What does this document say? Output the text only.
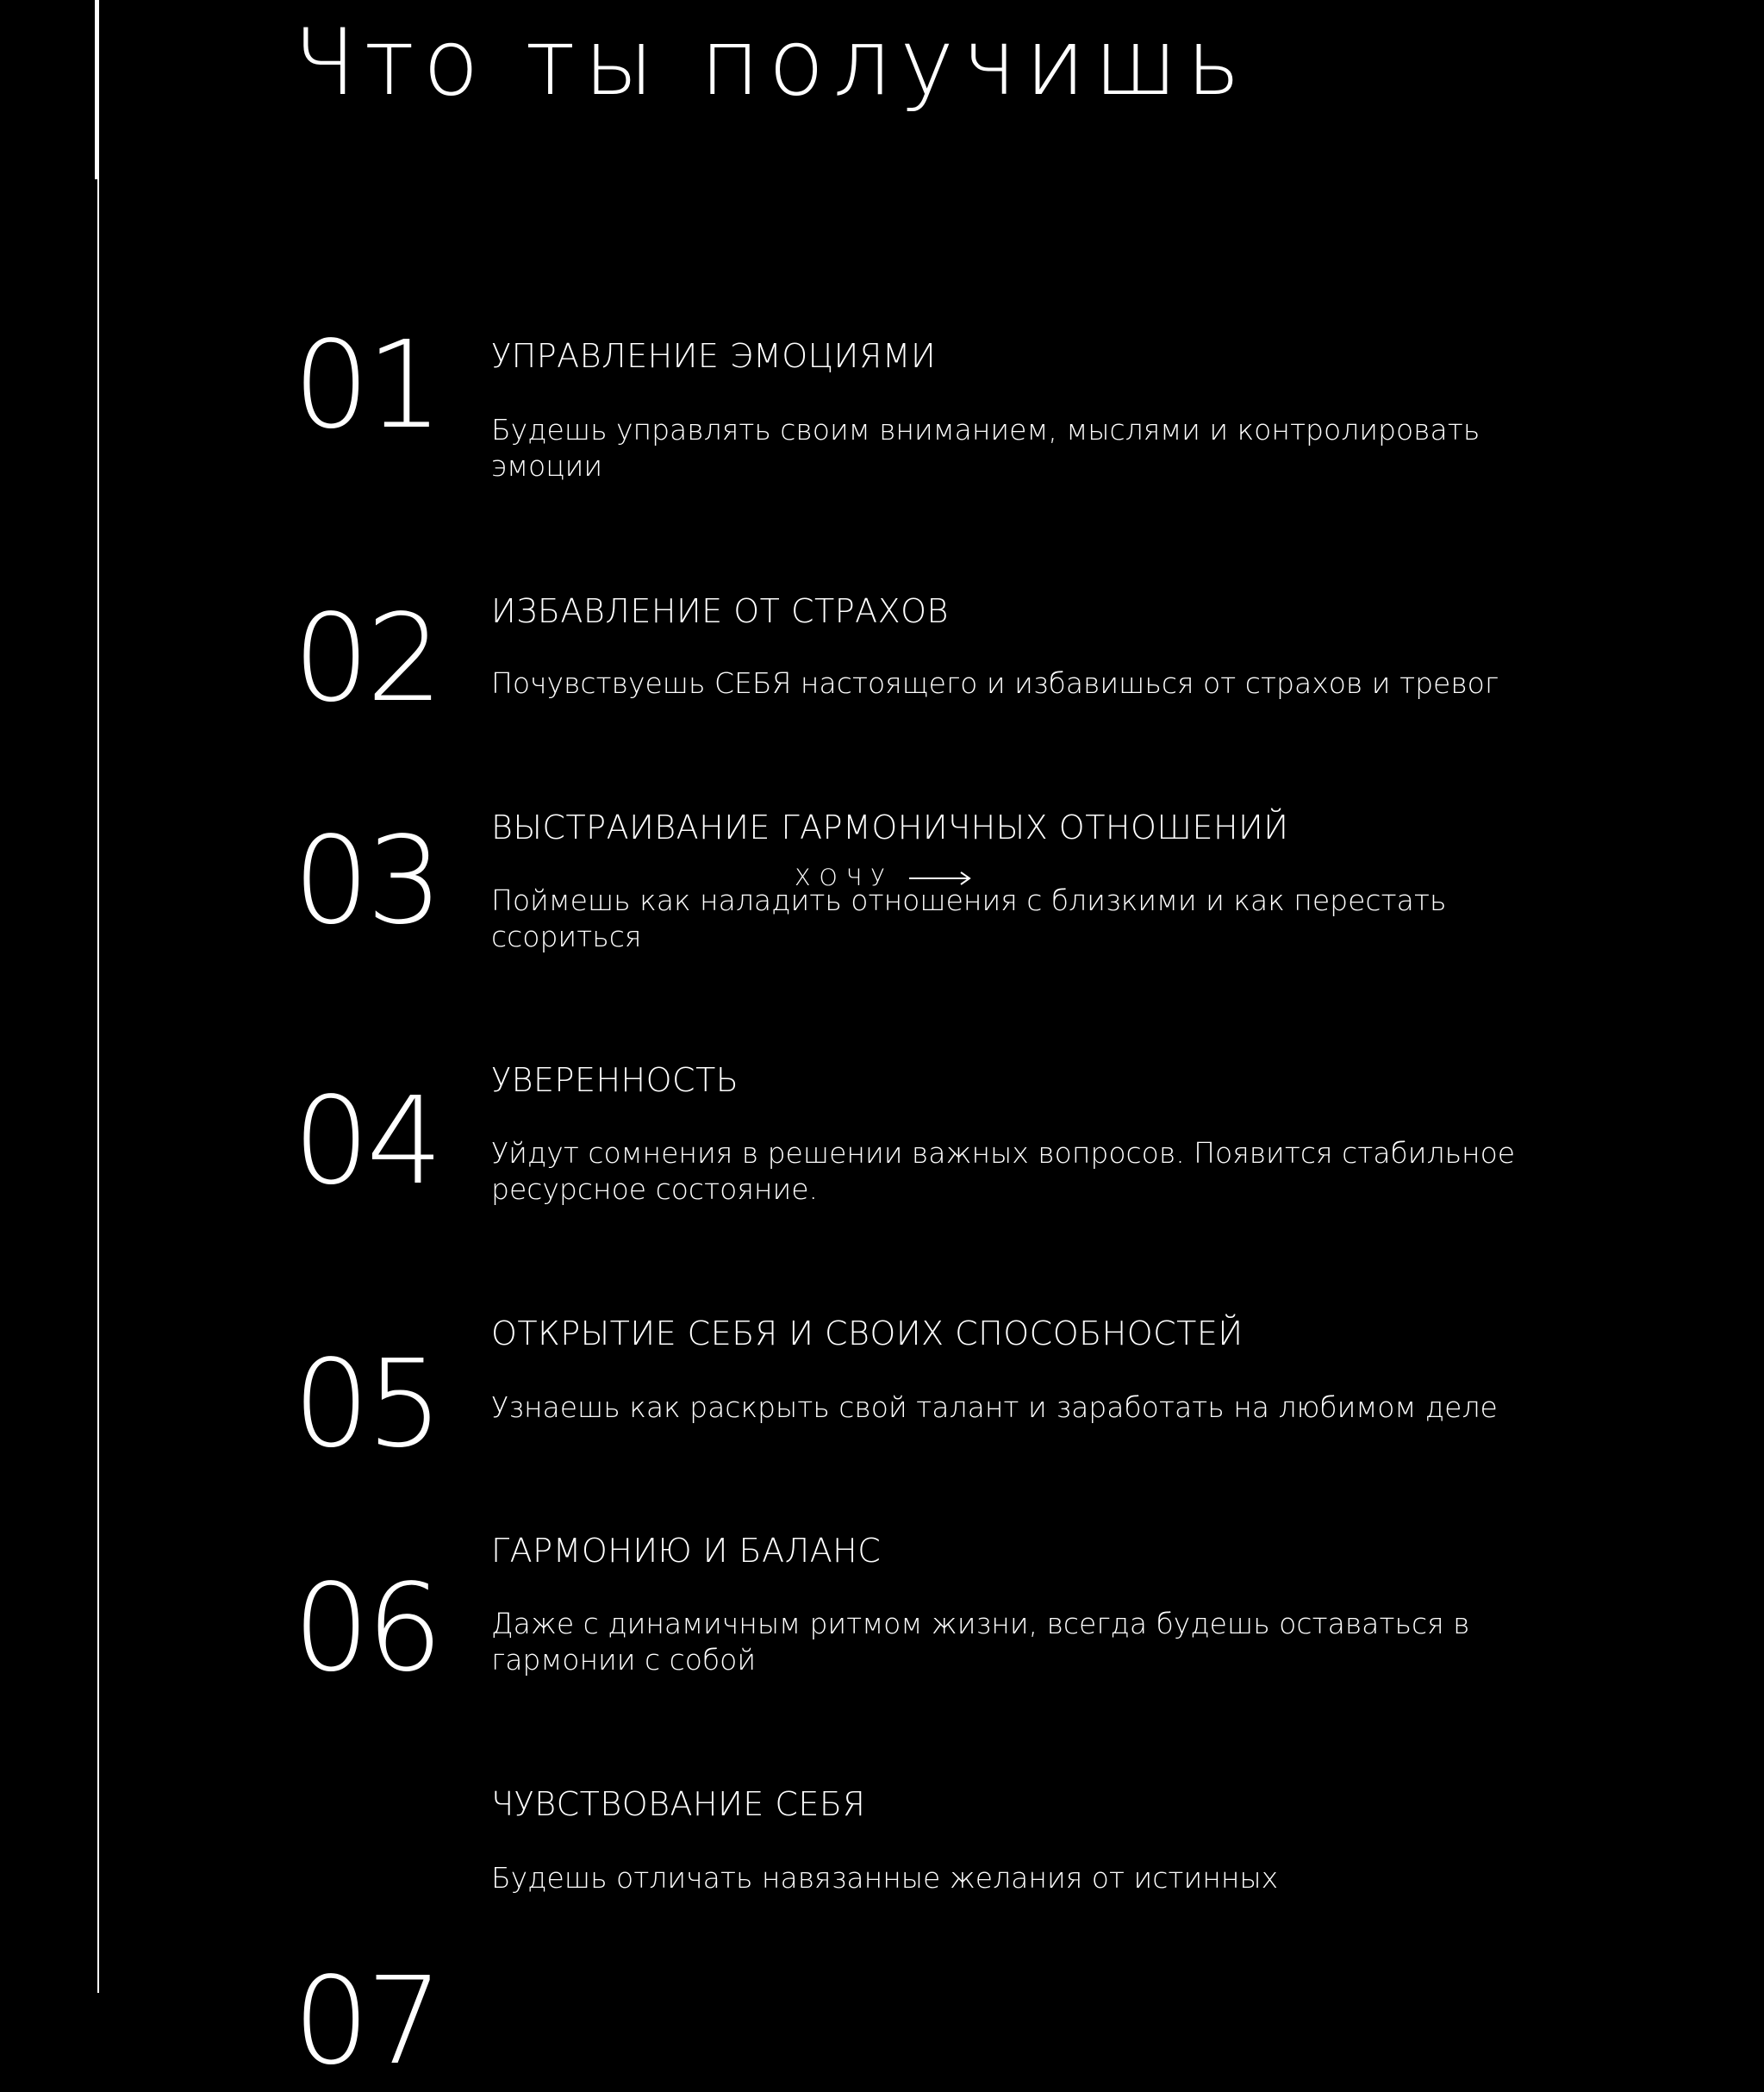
Что ты получишь
01 УПРАВЛЕНИЕ ЭМОЦИЯМИ
Будешь управлять своим вниманием, мыслями и контролировать эмоции
02 ИЗБАВЛЕНИЕ ОТ СТРАХОВ
Почувствуешь СЕБЯ настоящего и избавишься от страхов и тревог
03 ВЫСТРАИВАНИЕ ГАРМОНИЧНЫХ ОТНОШЕНИЙ
Поймешь как наладить отношения с близкими и как перестать ссориться
ХОЧУ
04 УВЕРЕННОСТЬ
Уйдут сомнения в решении важных вопросов. Появится стабильное ресурсное состояние.
05
ОТКРЫТИЕ СЕБЯ И СВОИХ СПОСОБНОСТЕЙ
Узнаешь как раскрыть свой талант и заработать на любимом деле
06
ГАРМОНИЮ И БАЛАНС
Даже с динамичным ритмом жизни, всегда будешь оставаться в гармонии с собой
07
ЧУВСТВОВАНИЕ СЕБЯ
Будешь отличать навязанные желания от истинных
